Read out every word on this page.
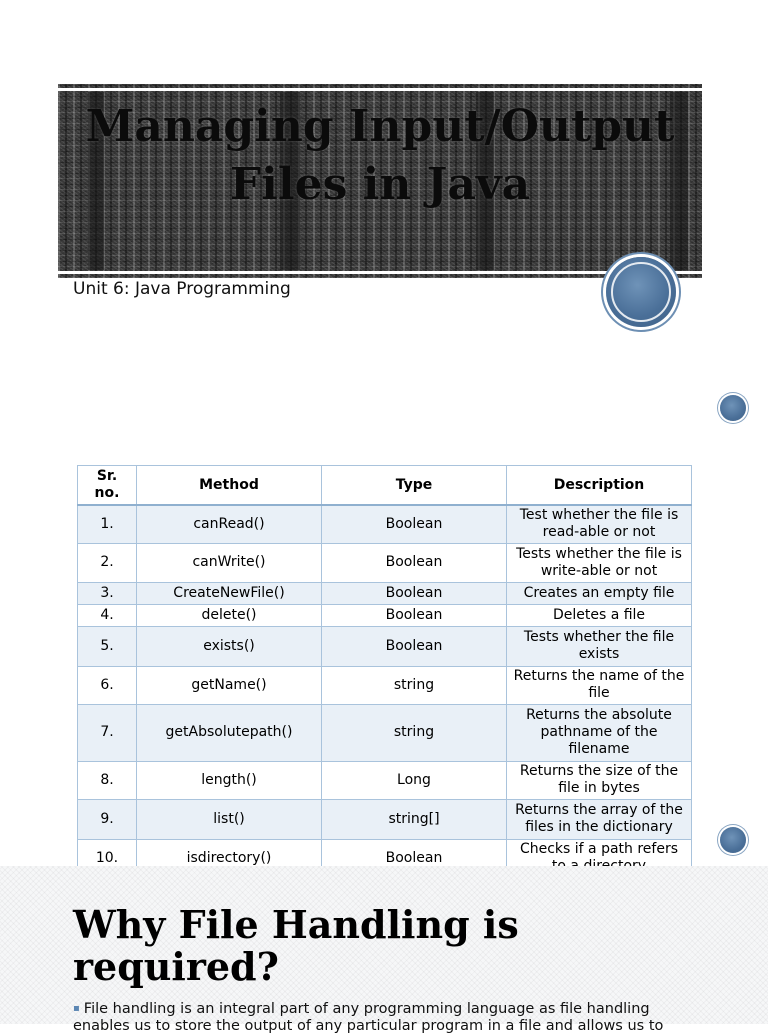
Managing Input/Output Files in Java

Unit 6: Java Programming

Sr. no.	Method	Type	Description
1.	canRead()	Boolean	Test whether the file is read-able or not
2.	canWrite()	Boolean	Tests whether the file is write-able or not
3.	CreateNewFile()	Boolean	Creates an empty file
4.	delete()	Boolean	Deletes a file
5.	exists()	Boolean	Tests whether the file exists
6.	getName()	string	Returns the name of the file
7.	getAbsolutepath()	string	Returns the absolute pathname of the filename
8.	length()	Long	Returns the size of the file in bytes
9.	list()	string[]	Returns the array of the files in the dictionary
10.	isdirectory()	Boolean	Checks if a path refers
Why File Handling is required?

▪ File handling is an integral part of any programming language as file handling enables us to store the output of any particular program in a file and allows us to
